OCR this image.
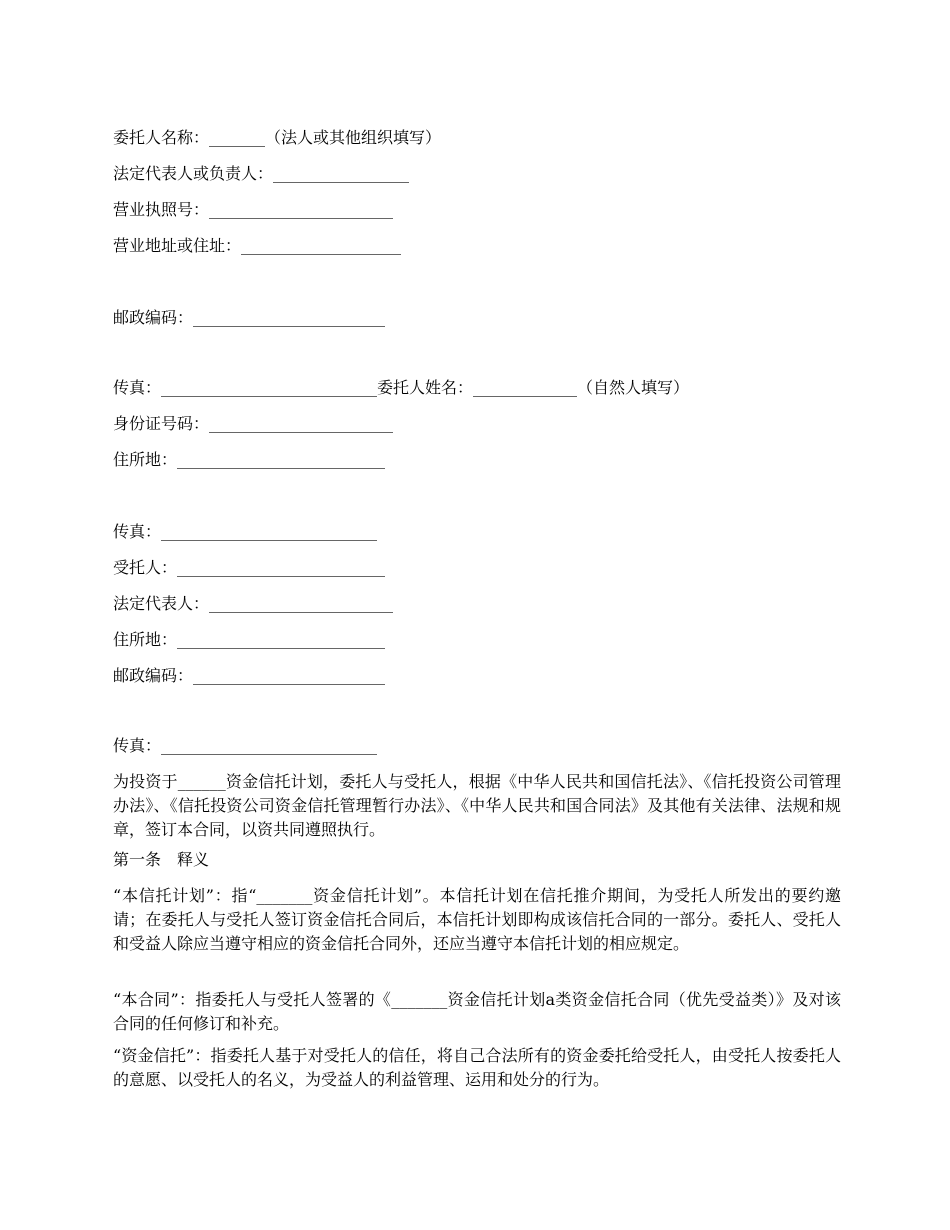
委托人名称：_______（法人或其他组织填写）
法定代表人或负责人：_________________
营业执照号：_______________________
营业地址或住址：____________________
邮政编码：________________________
传真：___________________________委托人姓名：_____________（自然人填写）
身份证号码：_______________________
住所地：__________________________
传真：___________________________
受托人：__________________________
法定代表人：_______________________
住所地：__________________________
邮政编码：________________________
传真：___________________________
为投资于______资金信托计划，委托人与受托人，根据《中华人民共和国信托法》、《信托投资公司管理办法》、《信托投资公司资金信托管理暂行办法》、《中华人民共和国合同法》及其他有关法律、法规和规章，签订本合同，以资共同遵照执行。
第一条　释义
“本信托计划”：指“_______资金信托计划”。本信托计划在信托推介期间，为受托人所发出的要约邀请；在委托人与受托人签订资金信托合同后，本信托计划即构成该信托合同的一部分。委托人、受托人和受益人除应当遵守相应的资金信托合同外，还应当遵守本信托计划的相应规定。
“本合同”：指委托人与受托人签署的《_______资金信托计划a类资金信托合同（优先受益类）》及对该合同的任何修订和补充。
“资金信托”：指委托人基于对受托人的信任，将自己合法所有的资金委托给受托人，由受托人按委托人的意愿、以受托人的名义，为受益人的利益管理、运用和处分的行为。
